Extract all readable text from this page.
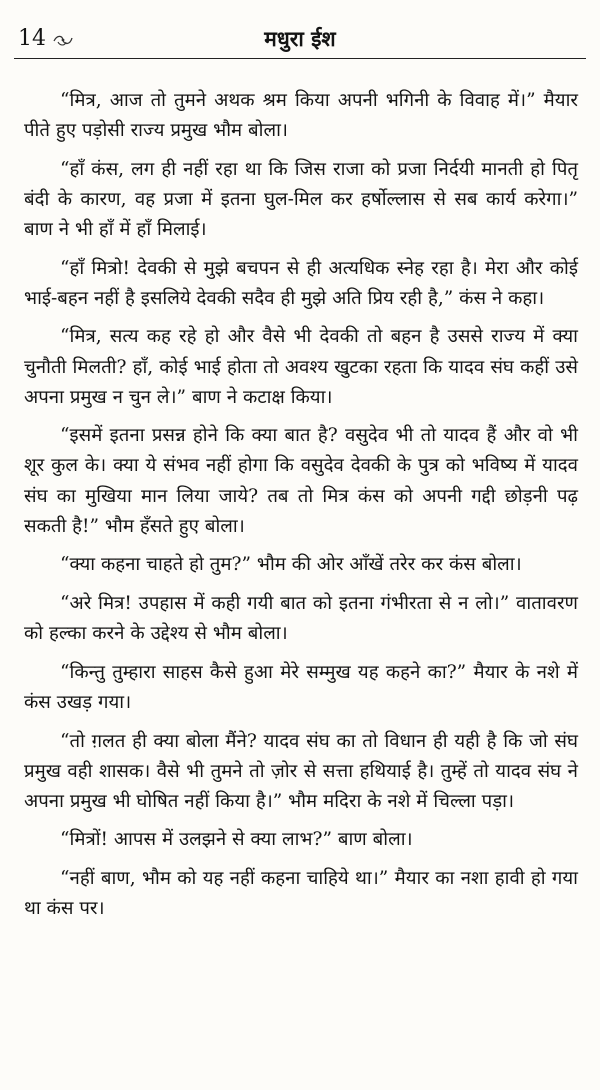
14	मधुरा ईश

“मित्र, आज तो तुमने अथक श्रम किया अपनी भगिनी के विवाह में।” मैयार पीते हुए पड़ोसी राज्य प्रमुख भौम बोला।

“हाँ कंस, लग ही नहीं रहा था कि जिस राजा को प्रजा निर्दयी मानती हो पितृ बंदी के कारण, वह प्रजा में इतना घुल-मिल कर हर्षोल्लास से सब कार्य करेगा।” बाण ने भी हाँ में हाँ मिलाई।

“हाँ मित्रो! देवकी से मुझे बचपन से ही अत्यधिक स्नेह रहा है। मेरा और कोई भाई-बहन नहीं है इसलिये देवकी सदैव ही मुझे अति प्रिय रही है,” कंस ने कहा।

“मित्र, सत्य कह रहे हो और वैसे भी देवकी तो बहन है उससे राज्य में क्या चुनौती मिलती? हाँ, कोई भाई होता तो अवश्य खुटका रहता कि यादव संघ कहीं उसे अपना प्रमुख न चुन ले।” बाण ने कटाक्ष किया।

“इसमें इतना प्रसन्न होने कि क्या बात है? वसुदेव भी तो यादव हैं और वो भी शूर कुल के। क्या ये संभव नहीं होगा कि वसुदेव देवकी के पुत्र को भविष्य में यादव संघ का मुखिया मान लिया जाये? तब तो मित्र कंस को अपनी गद्दी छोड़नी पढ़ सकती है!” भौम हँसते हुए बोला।

“क्या कहना चाहते हो तुम?” भौम की ओर आँखें तरेर कर कंस बोला।

“अरे मित्र! उपहास में कही गयी बात को इतना गंभीरता से न लो।” वातावरण को हल्का करने के उद्देश्य से भौम बोला।

“किन्तु तुम्हारा साहस कैसे हुआ मेरे सम्मुख यह कहने का?” मैयार के नशे में कंस उखड़ गया।

“तो ग़लत ही क्या बोला मैंने? यादव संघ का तो विधान ही यही है कि जो संघ प्रमुख वही शासक। वैसे भी तुमने तो ज़ोर से सत्ता हथियाई है। तुम्हें तो यादव संघ ने अपना प्रमुख भी घोषित नहीं किया है।” भौम मदिरा के नशे में चिल्ला पड़ा।

“मित्रों! आपस में उलझने से क्या लाभ?” बाण बोला।

“नहीं बाण, भौम को यह नहीं कहना चाहिये था।” मैयार का नशा हावी हो गया था कंस पर।
